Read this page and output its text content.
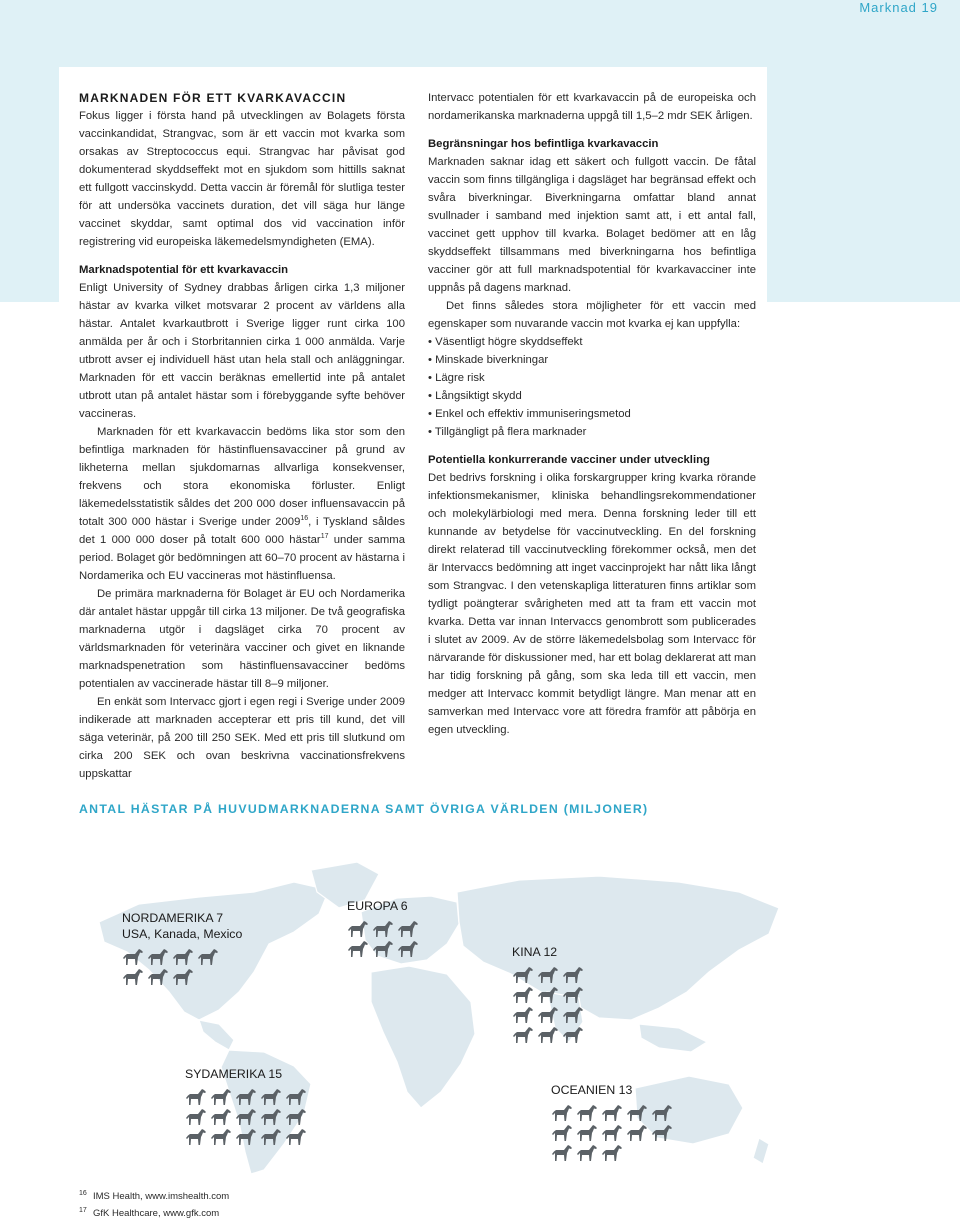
Marknad 19
MARKNADEN FÖR ETT KVARKAVACCIN
Fokus ligger i första hand på utvecklingen av Bolagets första vaccinkandidat, Strangvac, som är ett vaccin mot kvarka som orsakas av Streptococcus equi. Strangvac har påvisat god dokumenterad skyddseffekt mot en sjukdom som hittills saknat ett fullgott vaccinskydd. Detta vaccin är föremål för slutliga tester för att undersöka vaccinets duration, det vill säga hur länge vaccinet skyddar, samt optimal dos vid vaccination inför registrering vid europeiska läkemedelsmyndigheten (EMA).
Marknadspotential för ett kvarkavaccin
Enligt University of Sydney drabbas årligen cirka 1,3 miljoner hästar av kvarka vilket motsvarar 2 procent av världens alla hästar. Antalet kvarkautbrott i Sverige ligger runt cirka 100 anmälda per år och i Storbritannien cirka 1 000 anmälda. Varje utbrott avser ej individuell häst utan hela stall och anläggningar. Marknaden för ett vaccin beräknas emellertid inte på antalet utbrott utan på antalet hästar som i förebyggande syfte behöver vaccineras.
Marknaden för ett kvarkavaccin bedöms lika stor som den befintliga marknaden för hästinfluensavacciner på grund av likheterna mellan sjukdomarnas allvarliga konsekvenser, frekvens och stora ekonomiska förluster. Enligt läkemedelsstatistik såldes det 200 000 doser influensavaccin på totalt 300 000 hästar i Sverige under 2009$^{16}$, i Tyskland såldes det 1 000 000 doser på totalt 600 000 hästar$^{17}$ under samma period. Bolaget gör bedömningen att 60–70 procent av hästarna i Nordamerika och EU vaccineras mot hästinfluensa.
De primära marknaderna för Bolaget är EU och Nordamerika där antalet hästar uppgår till cirka 13 miljoner. De två geografiska marknaderna utgör i dagsläget cirka 70 procent av världsmarknaden för veterinära vacciner och givet en liknande marknadspenetration som hästinfluensavacciner bedöms potentialen av vaccinerade hästar till 8–9 miljoner.
En enkät som Intervacc gjort i egen regi i Sverige under 2009 indikerade att marknaden accepterar ett pris till kund, det vill säga veterinär, på 200 till 250 SEK. Med ett pris till slutkund om cirka 200 SEK och ovan beskrivna vaccinationsfrekvens uppskattar
Intervacc potentialen för ett kvarkavaccin på de europeiska och nordamerikanska marknaderna uppgå till 1,5–2 mdr SEK årligen.
Begränsningar hos befintliga kvarkavaccin
Marknaden saknar idag ett säkert och fullgott vaccin. De fåtal vaccin som finns tillgängliga i dagsläget har begränsad effekt och svåra biverkningar. Biverkningarna omfattar bland annat svullnader i samband med injektion samt att, i ett antal fall, vaccinet gett upphov till kvarka. Bolaget bedömer att en låg skyddseffekt tillsammans med biverkningarna hos befintliga vacciner gör att full marknadspotential för kvarkavacciner inte uppnås på dagens marknad.
Det finns således stora möjligheter för ett vaccin med egenskaper som nuvarande vaccin mot kvarka ej kan uppfylla:
• Väsentligt högre skyddseffekt
• Minskade biverkningar
• Lägre risk
• Långsiktigt skydd
• Enkel och effektiv immuniseringsmetod
• Tillgängligt på flera marknader
Potentiella konkurrerande vacciner under utveckling
Det bedrivs forskning i olika forskargrupper kring kvarka rörande infektionsmekanismer, kliniska behandlingsrekommendationer och molekylärbiologi med mera. Denna forskning leder till ett kunnande av betydelse för vaccinutveckling. En del forskning direkt relaterad till vaccinutveckling förekommer också, men det är Intervaccs bedömning att inget vaccinprojekt har nått lika långt som Strangvac. I den vetenskapliga litteraturen finns artiklar som tydligt poängterar svårigheten med att ta fram ett vaccin mot kvarka. Detta var innan Intervaccs genombrott som publicerades i slutet av 2009. Av de större läkemedelsbolag som Intervacc för närvarande för diskussioner med, har ett bolag deklarerat att man har tidig forskning på gång, som ska leda till ett vaccin, men medger att Intervacc kommit betydligt längre. Man menar att en samverkan med Intervacc vore att föredra framför att påbörja en egen utveckling.
ANTAL HÄSTAR PÅ HUVUDMARKNADERNA SAMT ÖVRIGA VÄRLDEN (MILJONER)
NORDAMERIKA 7
USA, Kanada, Mexico
EUROPA 6
KINA 12
SYDAMERIKA 15
OCEANIEN 13
16 IMS Health, www.imshealth.com
17 GfK Healthcare, www.gfk.com
